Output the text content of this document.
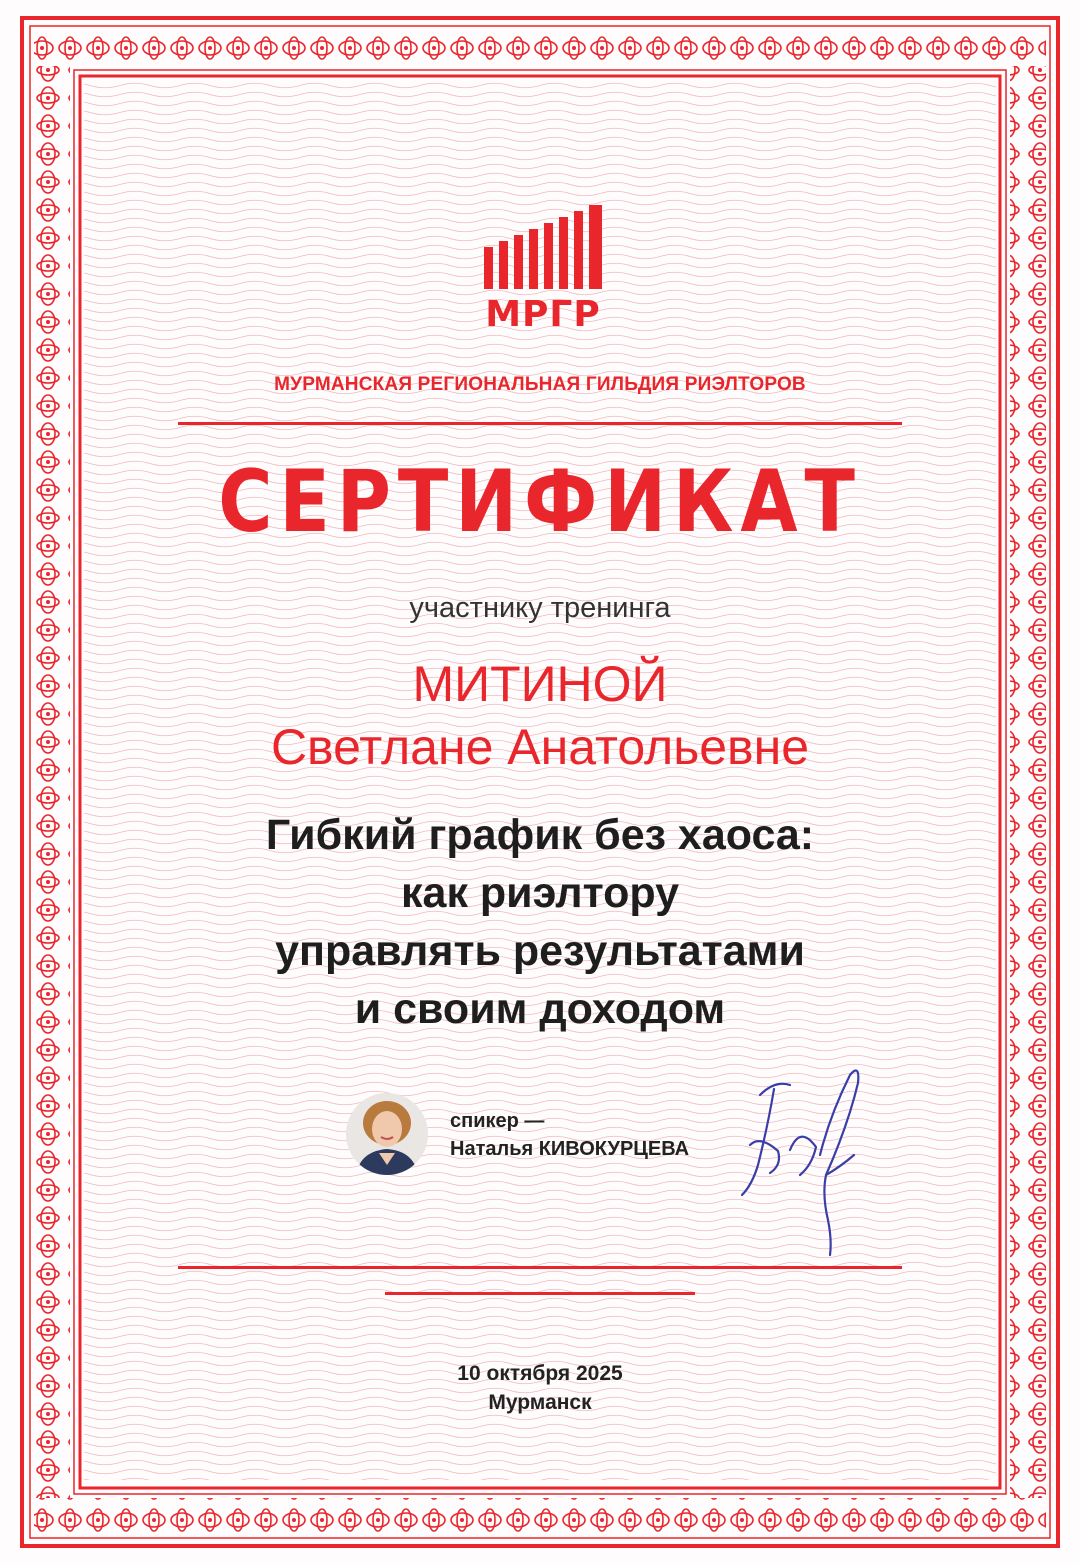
МРГР
МУРМАНСКАЯ РЕГИОНАЛЬНАЯ ГИЛЬДИЯ РИЭЛТОРОВ
СЕРТИФИКАТ
участнику тренинга
МИТИНОЙ
Светлане Анатольевне
Гибкий график без хаоса:
как риэлтору
управлять результатами
и своим доходом
спикер —
Наталья КИВОКУРЦЕВА
10 октября 2025
Мурманск
